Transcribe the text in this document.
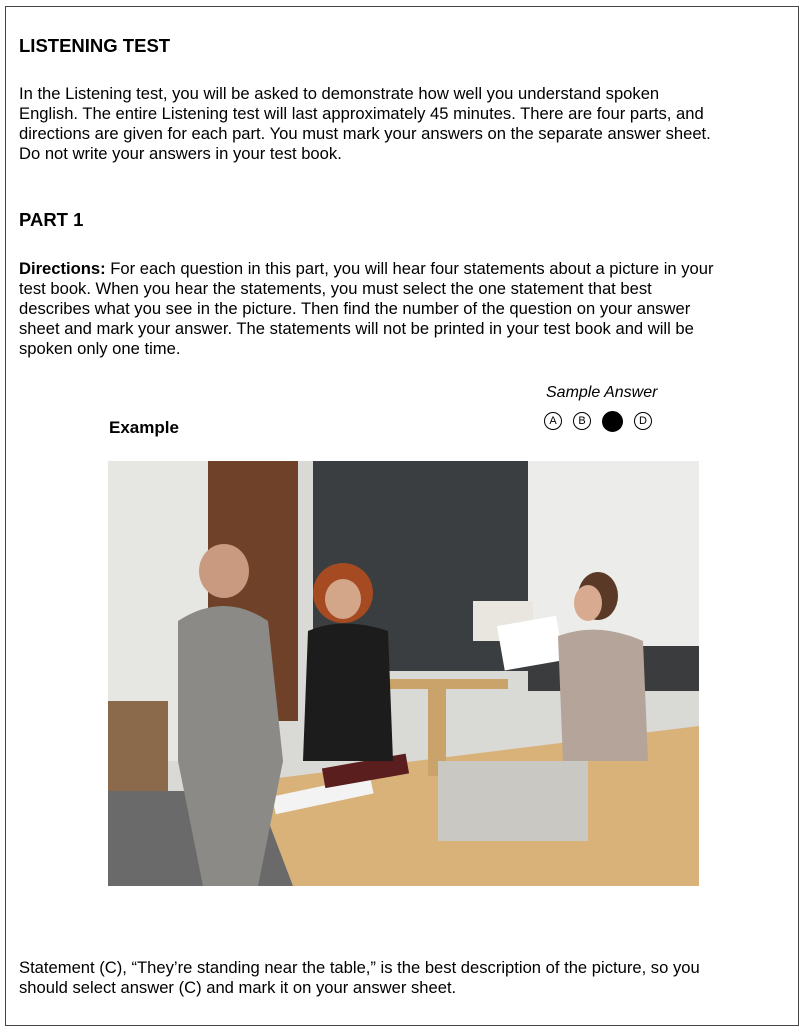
LISTENING TEST
In the Listening test, you will be asked to demonstrate how well you understand spoken
English. The entire Listening test will last approximately 45 minutes. There are four parts, and
directions are given for each part. You must mark your answers on the separate answer sheet.
Do not write your answers in your test book.
PART 1
Directions: For each question in this part, you will hear four statements about a picture in your
test book. When you hear the statements, you must select the one statement that best
describes what you see in the picture. Then find the number of the question on your answer
sheet and mark your answer. The statements will not be printed in your test book and will be
spoken only one time.
Sample Answer
A	B	D
Example
Statement (C), “They’re standing near the table,” is the best description of the picture, so you
should select answer (C) and mark it on your answer sheet.
